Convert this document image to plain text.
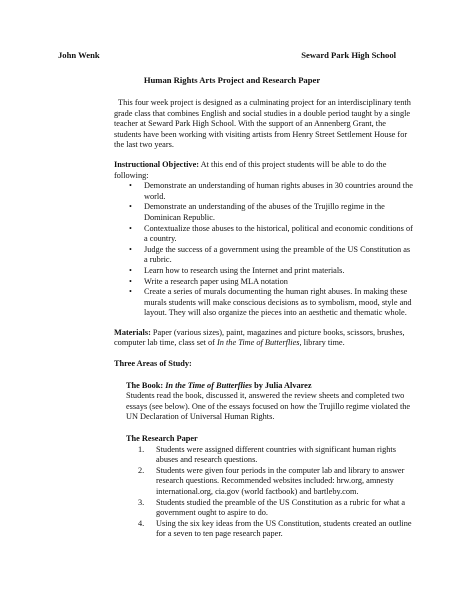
John Wenk	Seward Park High School
Human Rights Arts Project and Research Paper

This four week project is designed as a culminating project for an interdisciplinary tenth grade class that combines English and social studies in a double period taught by a single teacher at Seward Park High School. With the support of an Annenberg Grant, the students have been working with visiting artists from Henry Street Settlement House for the last two years.

Instructional Objective: At this end of this project students will be able to do the following:

• Demonstrate an understanding of human rights abuses in 30 countries around the world.
• Demonstrate an understanding of the abuses of the Trujillo regime in the Dominican Republic.
• Contextualize those abuses to the historical, political and economic conditions of a country.
• Judge the success of a government using the preamble of the US Constitution as a rubric.
• Learn how to research using the Internet and print materials.
• Write a research paper using MLA notation
• Create a series of murals documenting the human right abuses. In making these murals students will make conscious decisions as to symbolism, mood, style and layout. They will also organize the pieces into an aesthetic and thematic whole.

Materials: Paper (various sizes), paint, magazines and picture books, scissors, brushes, computer lab time, class set of In the Time of Butterflies, library time.

Three Areas of Study:

The Book: In the Time of Butterflies by Julia Alvarez

Students read the book, discussed it, answered the review sheets and completed two essays (see below). One of the essays focused on how the Trujillo regime violated the UN Declaration of Universal Human Rights.

The Research Paper

1. Students were assigned different countries with significant human rights abuses and research questions.
2. Students were given four periods in the computer lab and library to answer research questions. Recommended websites included: hrw.org, amnesty international.org, cia.gov (world factbook) and bartleby.com.
3. Students studied the preamble of the US Constitution as a rubric for what a government ought to aspire to do.
4. Using the six key ideas from the US Constitution, students created an outline for a seven to ten page research paper.
